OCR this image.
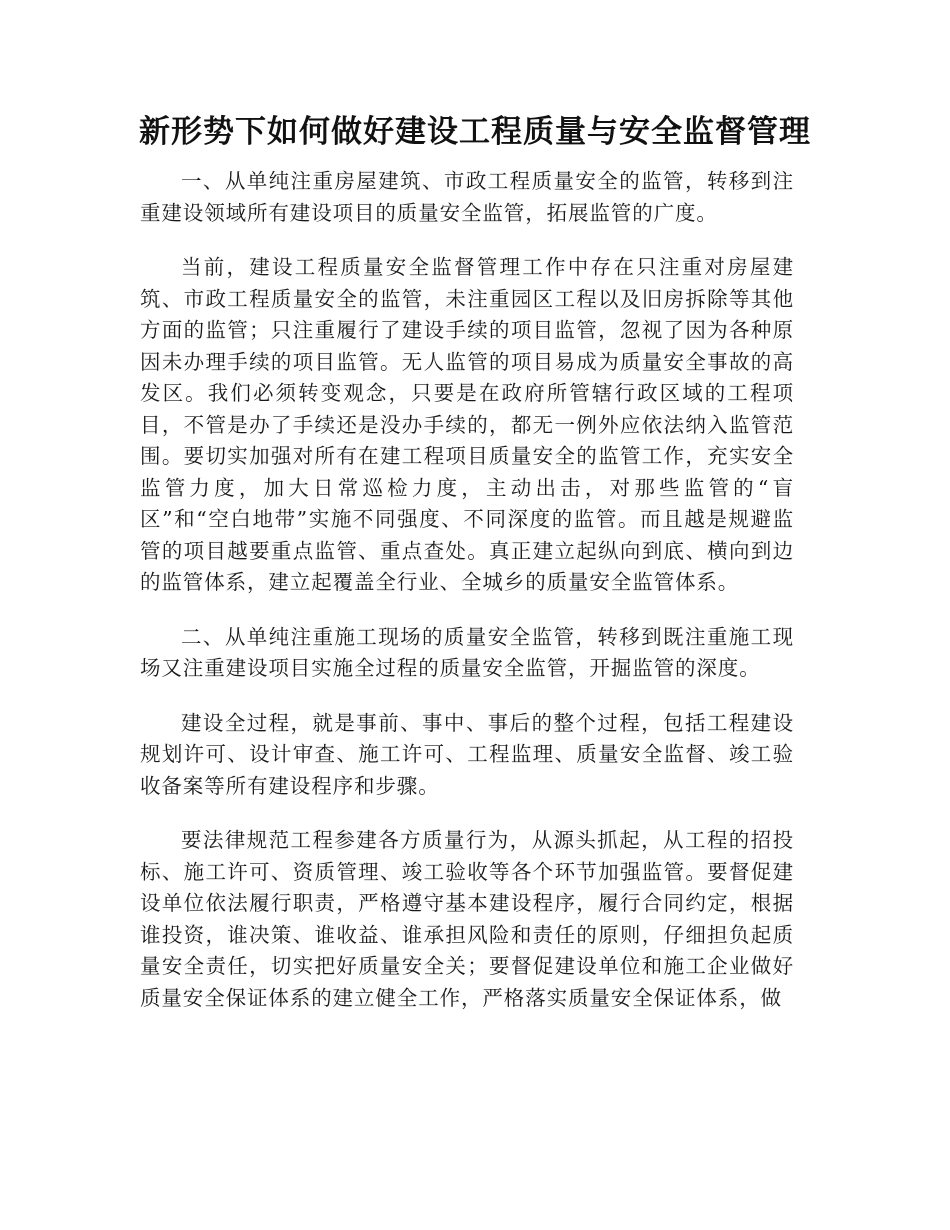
新形势下如何做好建设工程质量与安全监督管理

一、从单纯注重房屋建筑、市政工程质量安全的监管，转移到注重建设领域所有建设项目的质量安全监管，拓展监管的广度。

当前，建设工程质量安全监督管理工作中存在只注重对房屋建筑、市政工程质量安全的监管，未注重园区工程以及旧房拆除等其他方面的监管；只注重履行了建设手续的项目监管，忽视了因为各种原因未办理手续的项目监管。无人监管的项目易成为质量安全事故的高发区。我们必须转变观念，只要是在政府所管辖行政区域的工程项目，不管是办了手续还是没办手续的，都无一例外应依法纳入监管范围。要切实加强对所有在建工程项目质量安全的监管工作，充实安全监管力度，加大日常巡检力度，主动出击，对那些监管的“盲区”和“空白地带”实施不同强度、不同深度的监管。而且越是规避监管的项目越要重点监管、重点查处。真正建立起纵向到底、横向到边的监管体系，建立起覆盖全行业、全城乡的质量安全监管体系。

二、从单纯注重施工现场的质量安全监管，转移到既注重施工现场又注重建设项目实施全过程的质量安全监管，开掘监管的深度。

建设全过程，就是事前、事中、事后的整个过程，包括工程建设规划许可、设计审查、施工许可、工程监理、质量安全监督、竣工验收备案等所有建设程序和步骤。

要法律规范工程参建各方质量行为，从源头抓起，从工程的招投标、施工许可、资质管理、竣工验收等各个环节加强监管。要督促建设单位依法履行职责，严格遵守基本建设程序，履行合同约定，根据谁投资，谁决策、谁收益、谁承担风险和责任的原则，仔细担负起质量安全责任，切实把好质量安全关；要督促建设单位和施工企业做好质量安全保证体系的建立健全工作，严格落实质量安全保证体系，做
